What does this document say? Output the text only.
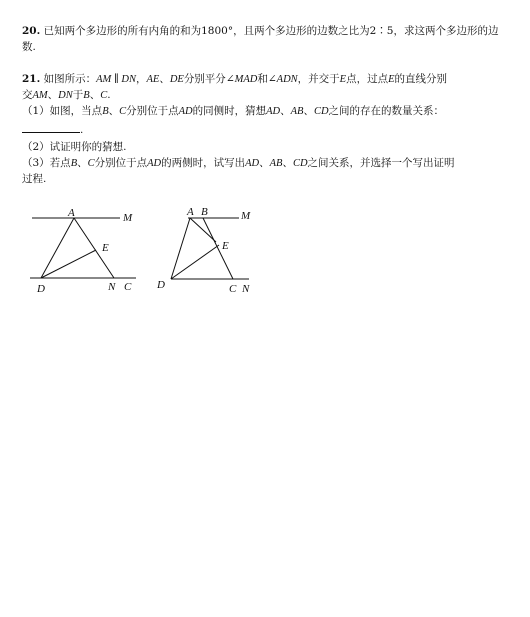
20. 已知两个多边形的所有内角的和为1800°，且两个多边形的边数之比为2∶5，求这两个多边形的边
数.
21. 如图所示：AM ∥ DN，AE、DE分别平分∠MAD和∠ADN，并交于E点，过点E的直线分别
交AM、DN于B、C.
（1）如图，当点B、C分别位于点AD的同侧时，猜想AD、AB、CD之间的存在的数量关系：
.
（2）试证明你的猜想.
（3）若点B、C分别位于点AD的两侧时，试写出AD、AB、CD之间关系，并选择一个写出证明
过程.
A	M
E
D	N C
A B	M
E
D	C N
